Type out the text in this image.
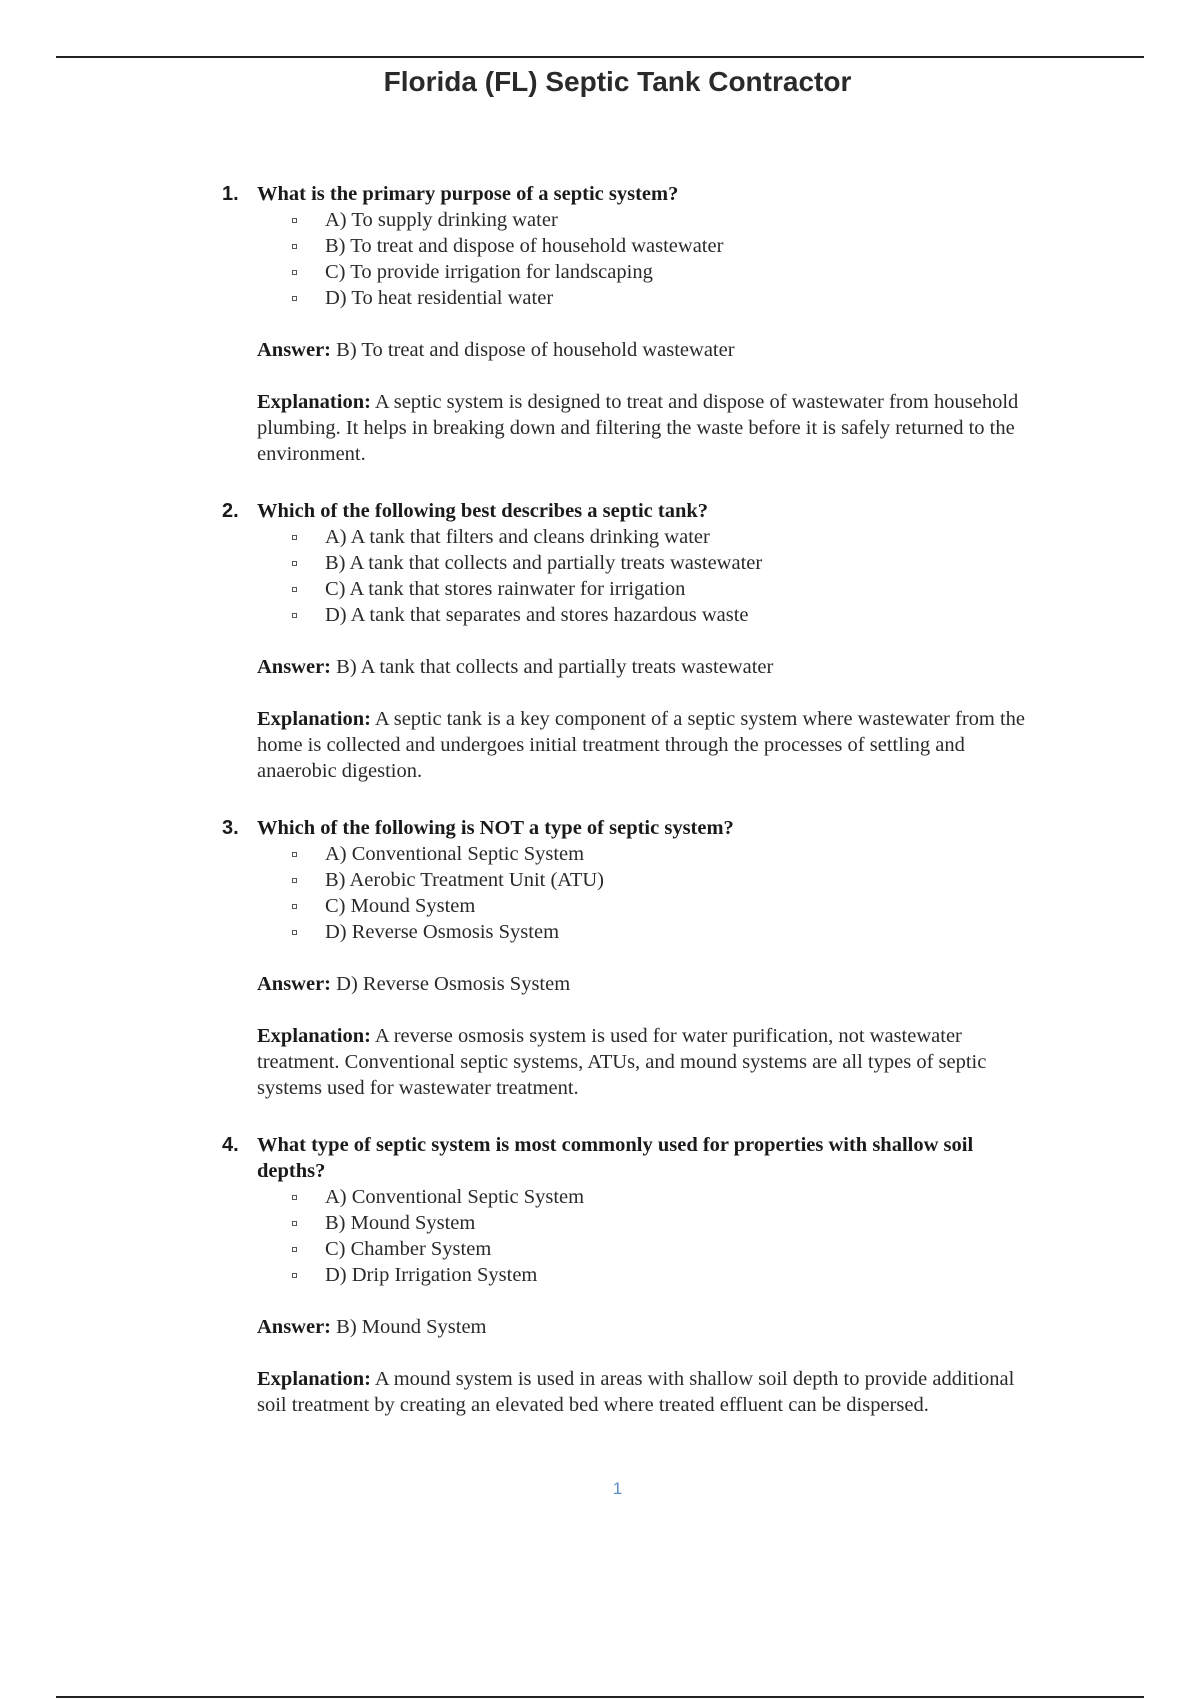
Florida (FL) Septic Tank Contractor
1. What is the primary purpose of a septic system?
A) To supply drinking water
B) To treat and dispose of household wastewater
C) To provide irrigation for landscaping
D) To heat residential water
Answer: B) To treat and dispose of household wastewater
Explanation: A septic system is designed to treat and dispose of wastewater from household plumbing. It helps in breaking down and filtering the waste before it is safely returned to the environment.
2. Which of the following best describes a septic tank?
A) A tank that filters and cleans drinking water
B) A tank that collects and partially treats wastewater
C) A tank that stores rainwater for irrigation
D) A tank that separates and stores hazardous waste
Answer: B) A tank that collects and partially treats wastewater
Explanation: A septic tank is a key component of a septic system where wastewater from the home is collected and undergoes initial treatment through the processes of settling and anaerobic digestion.
3. Which of the following is NOT a type of septic system?
A) Conventional Septic System
B) Aerobic Treatment Unit (ATU)
C) Mound System
D) Reverse Osmosis System
Answer: D) Reverse Osmosis System
Explanation: A reverse osmosis system is used for water purification, not wastewater treatment. Conventional septic systems, ATUs, and mound systems are all types of septic systems used for wastewater treatment.
4. What type of septic system is most commonly used for properties with shallow soil depths?
A) Conventional Septic System
B) Mound System
C) Chamber System
D) Drip Irrigation System
Answer: B) Mound System
Explanation: A mound system is used in areas with shallow soil depth to provide additional soil treatment by creating an elevated bed where treated effluent can be dispersed.
1
